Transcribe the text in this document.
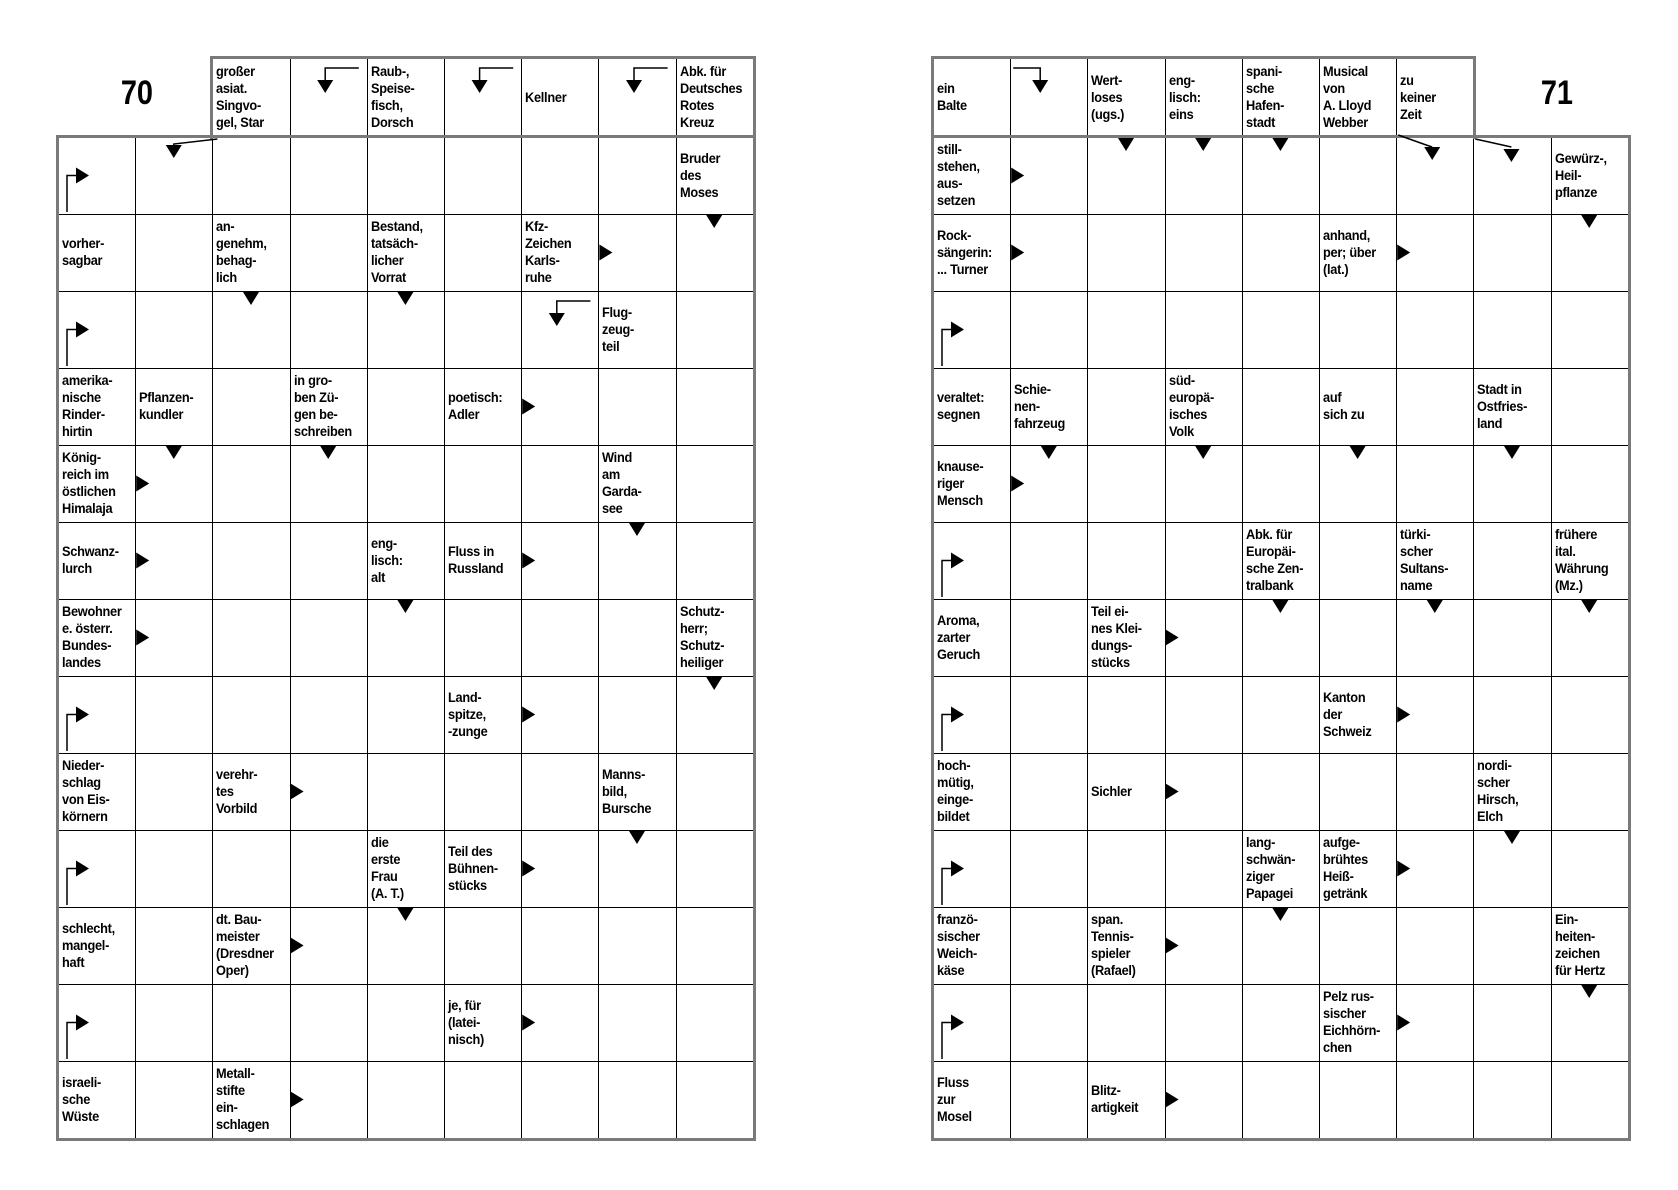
70
großer
asiat.
Singvo-
gel, Star
Raub-,
Speise-
fisch,
Dorsch
Kellner
Abk. für
Deutsches
Rotes
Kreuz
Bruder
des
Moses
vorher-
sagbar
an-
genehm,
behag-
lich
Bestand,
tatsäch-
licher
Vorrat
Kfz-
Zeichen
Karls-
ruhe
Flug-
zeug-
teil
amerika-
nische
Rinder-
hirtin
Pflanzen-
kundler
in gro-
ben Zü-
gen be-
schreiben
poetisch:
Adler
König-
reich im
östlichen
Himalaja
Wind
am
Garda-
see
Schwanz-
lurch
eng-
lisch:
alt
Fluss in
Russland
Bewohner
e. österr.
Bundes-
landes
Schutz-
herr;
Schutz-
heiliger
Land-
spitze,
-zunge
Nieder-
schlag
von Eis-
körnern
verehr-
tes
Vorbild
Manns-
bild,
Bursche
die
erste
Frau
(A. T.)
Teil des
Bühnen-
stücks
schlecht,
mangel-
haft
dt. Bau-
meister
(Dresdner
Oper)
je, für
(latei-
nisch)
israeli-
sche
Wüste
Metall-
stifte
ein-
schlagen
71
ein
Balte
Wert-
loses
(ugs.)
eng-
lisch:
eins
spani-
sche
Hafen-
stadt
Musical
von
A. Lloyd
Webber
zu
keiner
Zeit
still-
stehen,
aus-
setzen
Gewürz-,
Heil-
pflanze
Rock-
sängerin:
... Turner
anhand,
per; über
(lat.)
veraltet:
segnen
Schie-
nen-
fahrzeug
süd-
europä-
isches
Volk
auf
sich zu
Stadt in
Ostfries-
land
knause-
riger
Mensch
Abk. für
Europäi-
sche Zen-
tralbank
türki-
scher
Sultans-
name
frühere
ital.
Währung
(Mz.)
Aroma,
zarter
Geruch
Teil ei-
nes Klei-
dungs-
stücks
Kanton
der
Schweiz
hoch-
mütig,
einge-
bildet
Sichler
nordi-
scher
Hirsch,
Elch
lang-
schwän-
ziger
Papagei
aufge-
brühtes
Heiß-
getränk
franzö-
sischer
Weich-
käse
span.
Tennis-
spieler
(Rafael)
Ein-
heiten-
zeichen
für Hertz
Pelz rus-
sischer
Eichhörn-
chen
Fluss
zur
Mosel
Blitz-
artigkeit
